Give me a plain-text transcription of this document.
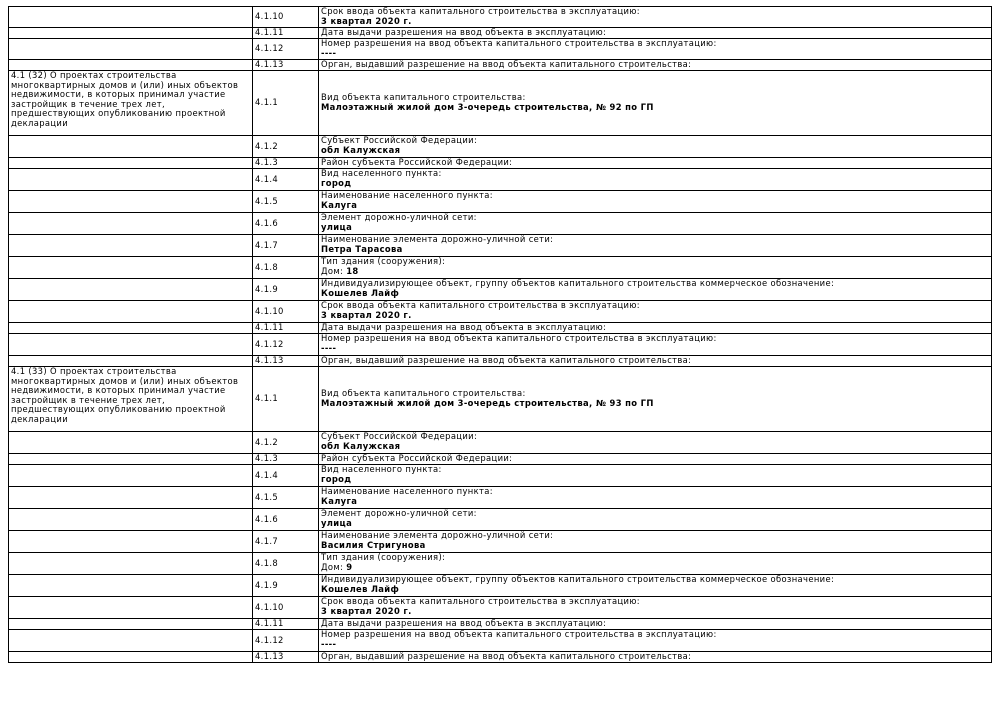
	4.1.10	Срок ввода объекта капитального строительства в эксплуатацию:
3 квартал 2020 г.

	4.1.11	Дата выдачи разрешения на ввод объекта в эксплуатацию:

	4.1.12	Номер разрешения на ввод объекта капитального строительства в эксплуатацию:
----

	4.1.13	Орган, выдавший разрешение на ввод объекта капитального строительства:

4.1 (32) О проектах строительства многоквартирных домов и (или) иных объектов недвижимости, в которых принимал участие застройщик в течение трех лет, предшествующих опубликованию проектной декларации	4.1.1	Вид объекта капитального строительства:
Малоэтажный жилой дом 3-очередь строительства, № 92 по ГП

	4.1.2	Субъект Российской Федерации:
обл Калужская

	4.1.3	Район субъекта Российской Федерации:

	4.1.4	Вид населенного пункта:
город

	4.1.5	Наименование населенного пункта:
Калуга

	4.1.6	Элемент дорожно-уличной сети:
улица

	4.1.7	Наименование элемента дорожно-уличной сети:
Петра Тарасова

	4.1.8	Тип здания (сооружения):
Дом: 18

	4.1.9	Индивидуализирующее объект, группу объектов капитального строительства коммерческое обозначение:
Кошелев Лайф

	4.1.10	Срок ввода объекта капитального строительства в эксплуатацию:
3 квартал 2020 г.

	4.1.11	Дата выдачи разрешения на ввод объекта в эксплуатацию:

	4.1.12	Номер разрешения на ввод объекта капитального строительства в эксплуатацию:
----

	4.1.13	Орган, выдавший разрешение на ввод объекта капитального строительства:

4.1 (33) О проектах строительства многоквартирных домов и (или) иных объектов недвижимости, в которых принимал участие застройщик в течение трех лет, предшествующих опубликованию проектной декларации	4.1.1	Вид объекта капитального строительства:
Малоэтажный жилой дом 3-очередь строительства, № 93 по ГП

	4.1.2	Субъект Российской Федерации:
обл Калужская

	4.1.3	Район субъекта Российской Федерации:

	4.1.4	Вид населенного пункта:
город

	4.1.5	Наименование населенного пункта:
Калуга

	4.1.6	Элемент дорожно-уличной сети:
улица

	4.1.7	Наименование элемента дорожно-уличной сети:
Василия Стригунова

	4.1.8	Тип здания (сооружения):
Дом: 9

	4.1.9	Индивидуализирующее объект, группу объектов капитального строительства коммерческое обозначение:
Кошелев Лайф

	4.1.10	Срок ввода объекта капитального строительства в эксплуатацию:
3 квартал 2020 г.

	4.1.11	Дата выдачи разрешения на ввод объекта в эксплуатацию:

	4.1.12	Номер разрешения на ввод объекта капитального строительства в эксплуатацию:
----

	4.1.13	Орган, выдавший разрешение на ввод объекта капитального строительства:
